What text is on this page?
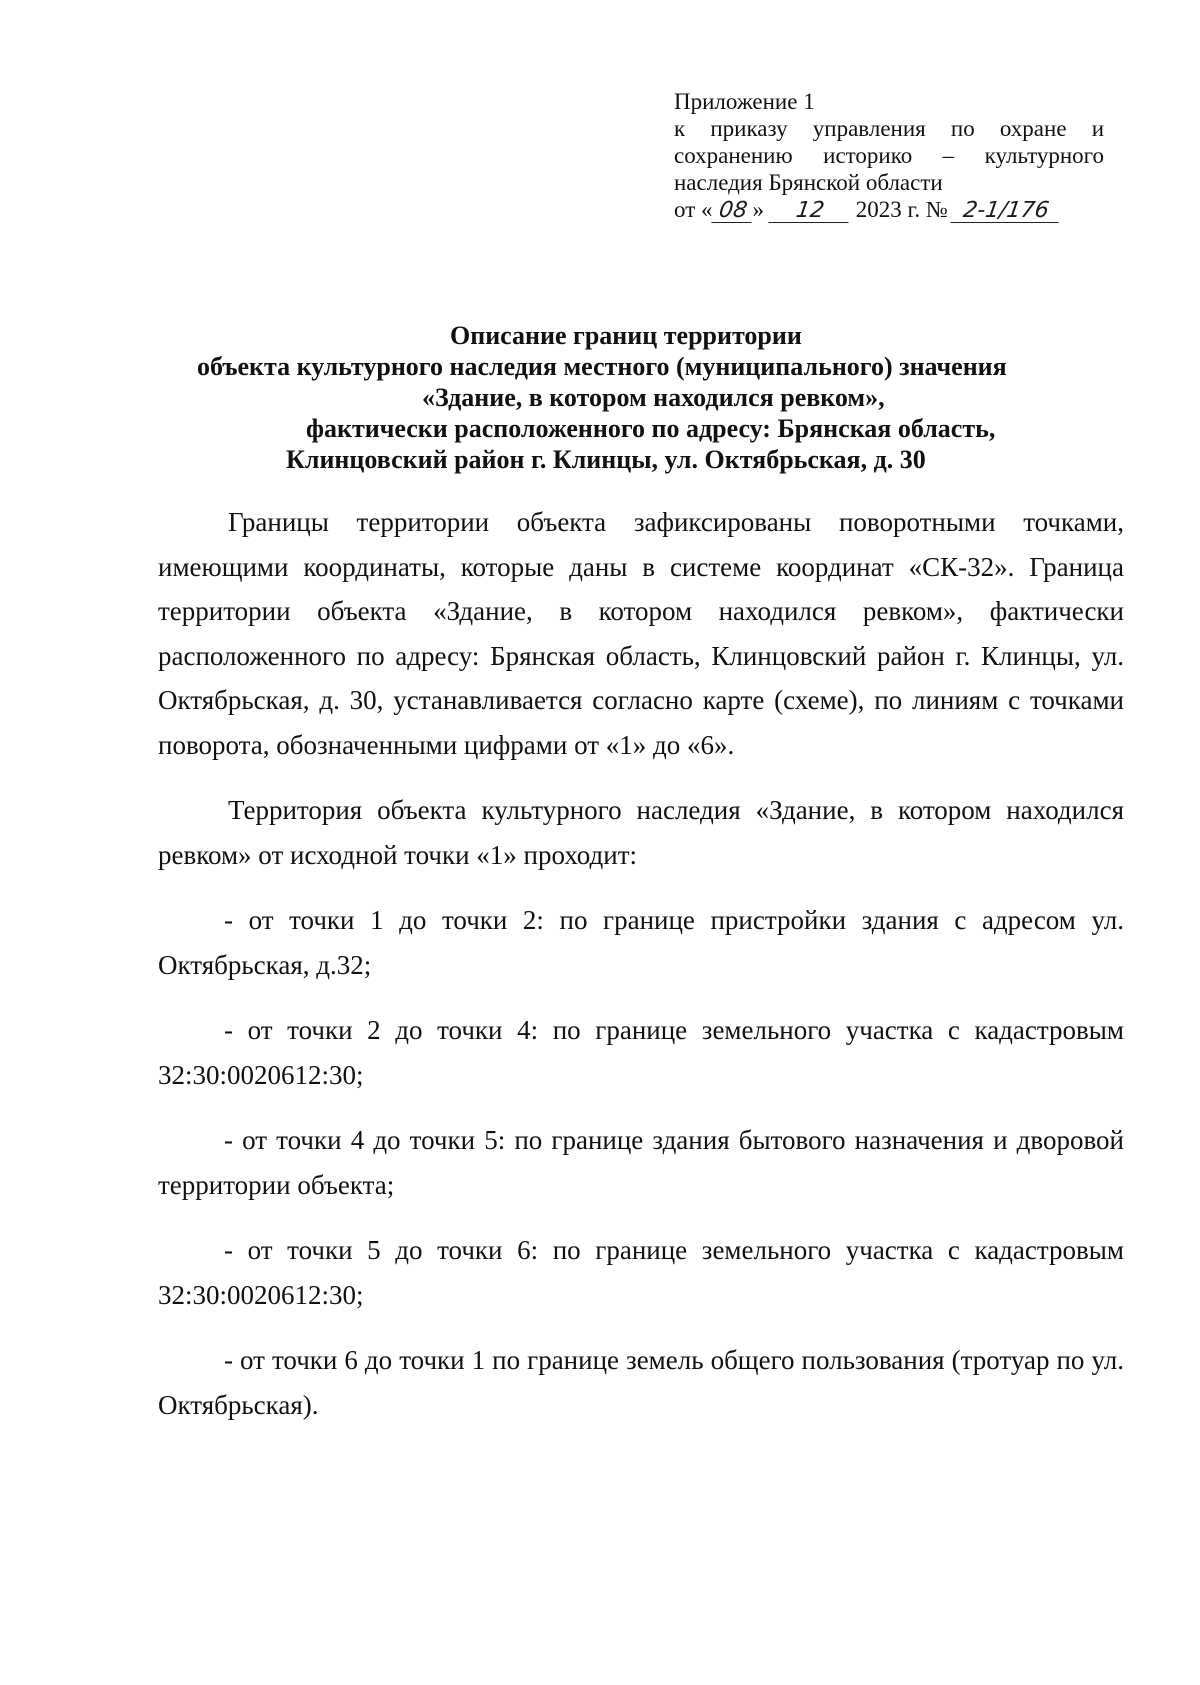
Приложение 1
к приказу управления по охране и
сохранению историко – культурного
наследия Брянской области
от « 08 » 12 2023 г. № 2-1/176
Описание границ территории
объекта культурного наследия местного (муниципального) значения
«Здание, в котором находился ревком»,
фактически расположенного по адресу: Брянская область,
Клинцовский район г. Клинцы, ул. Октябрьская, д. 30

Границы территории объекта зафиксированы поворотными точками, имеющими координаты, которые даны в системе координат «СК-32». Граница территории объекта «Здание, в котором находился ревком», фактически расположенного по адресу: Брянская область, Клинцовский район г. Клинцы, ул. Октябрьская, д. 30, устанавливается согласно карте (схеме), по линиям с точками поворота, обозначенными цифрами от «1» до «6».

Территория объекта культурного наследия «Здание, в котором находился ревком» от исходной точки «1» проходит:

- от точки 1 до точки 2: по границе пристройки здания с адресом ул. Октябрьская, д.32;

- от точки 2 до точки 4: по границе земельного участка с кадастровым 32:30:0020612:30;

- от точки 4 до точки 5: по границе здания бытового назначения и дворовой территории объекта;

- от точки 5 до точки 6: по границе земельного участка с кадастровым 32:30:0020612:30;

- от точки 6 до точки 1 по границе земель общего пользования (тротуар по ул. Октябрьская).
